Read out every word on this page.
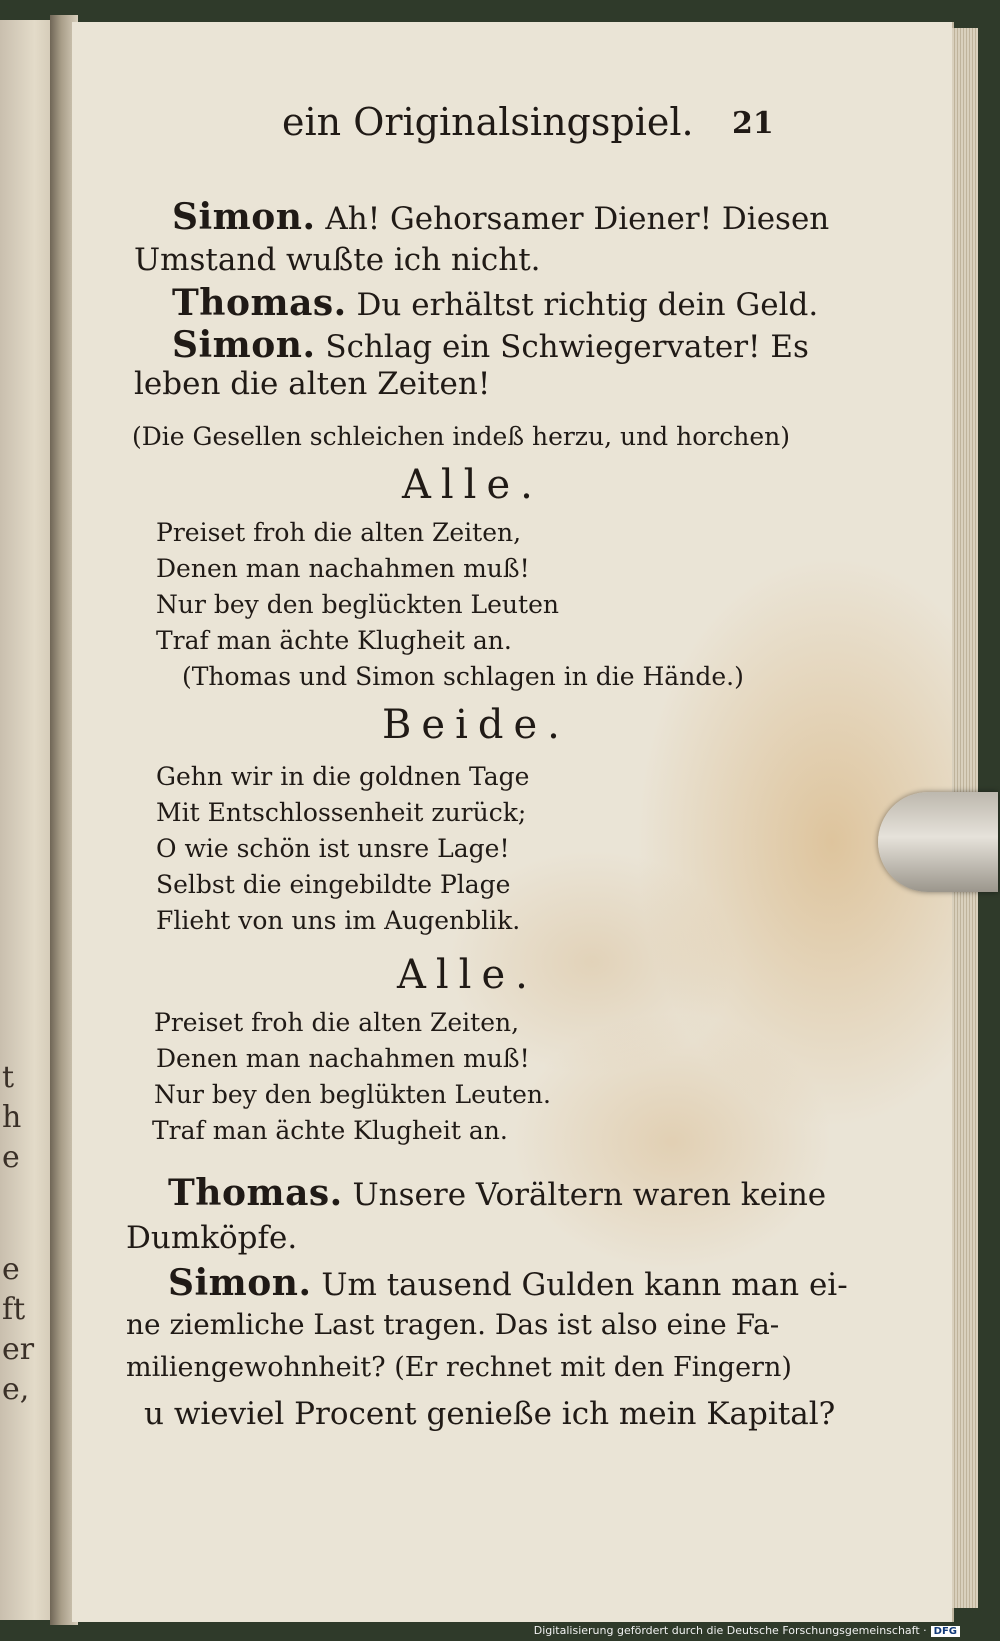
t
h
e
e
ft
er
e,
ein Originalsingspiel. 21
Simon. Ah! Gehorsamer Diener! Diesen
Umstand wußte ich nicht.
Thomas. Du erhältst richtig dein Geld.
Simon. Schlag ein Schwiegervater! Es
leben die alten Zeiten!
(Die Gesellen schleichen indeß herzu, und horchen)
Alle.
Preiset froh die alten Zeiten,
Denen man nachahmen muß!
Nur bey den beglückten Leuten
Traf man ächte Klugheit an.
(Thomas und Simon schlagen in die Hände.)
Beide.
Gehn wir in die goldnen Tage
Mit Entschlossenheit zurück;
O wie schön ist unsre Lage!
Selbst die eingebildte Plage
Flieht von uns im Augenblik.
Alle.
Preiset froh die alten Zeiten,
Denen man nachahmen muß!
Nur bey den beglükten Leuten.
Traf man ächte Klugheit an.
Thomas. Unsere Vorältern waren keine
Dumköpfe.
Simon. Um tausend Gulden kann man ei-
ne ziemliche Last tragen. Das ist also eine Fa-
miliengewohnheit? (Er rechnet mit den Fingern)
u wieviel Procent genieße ich mein Kapital?
Digitalisierung gefördert durch die Deutsche Forschungsgemeinschaft · DFG
